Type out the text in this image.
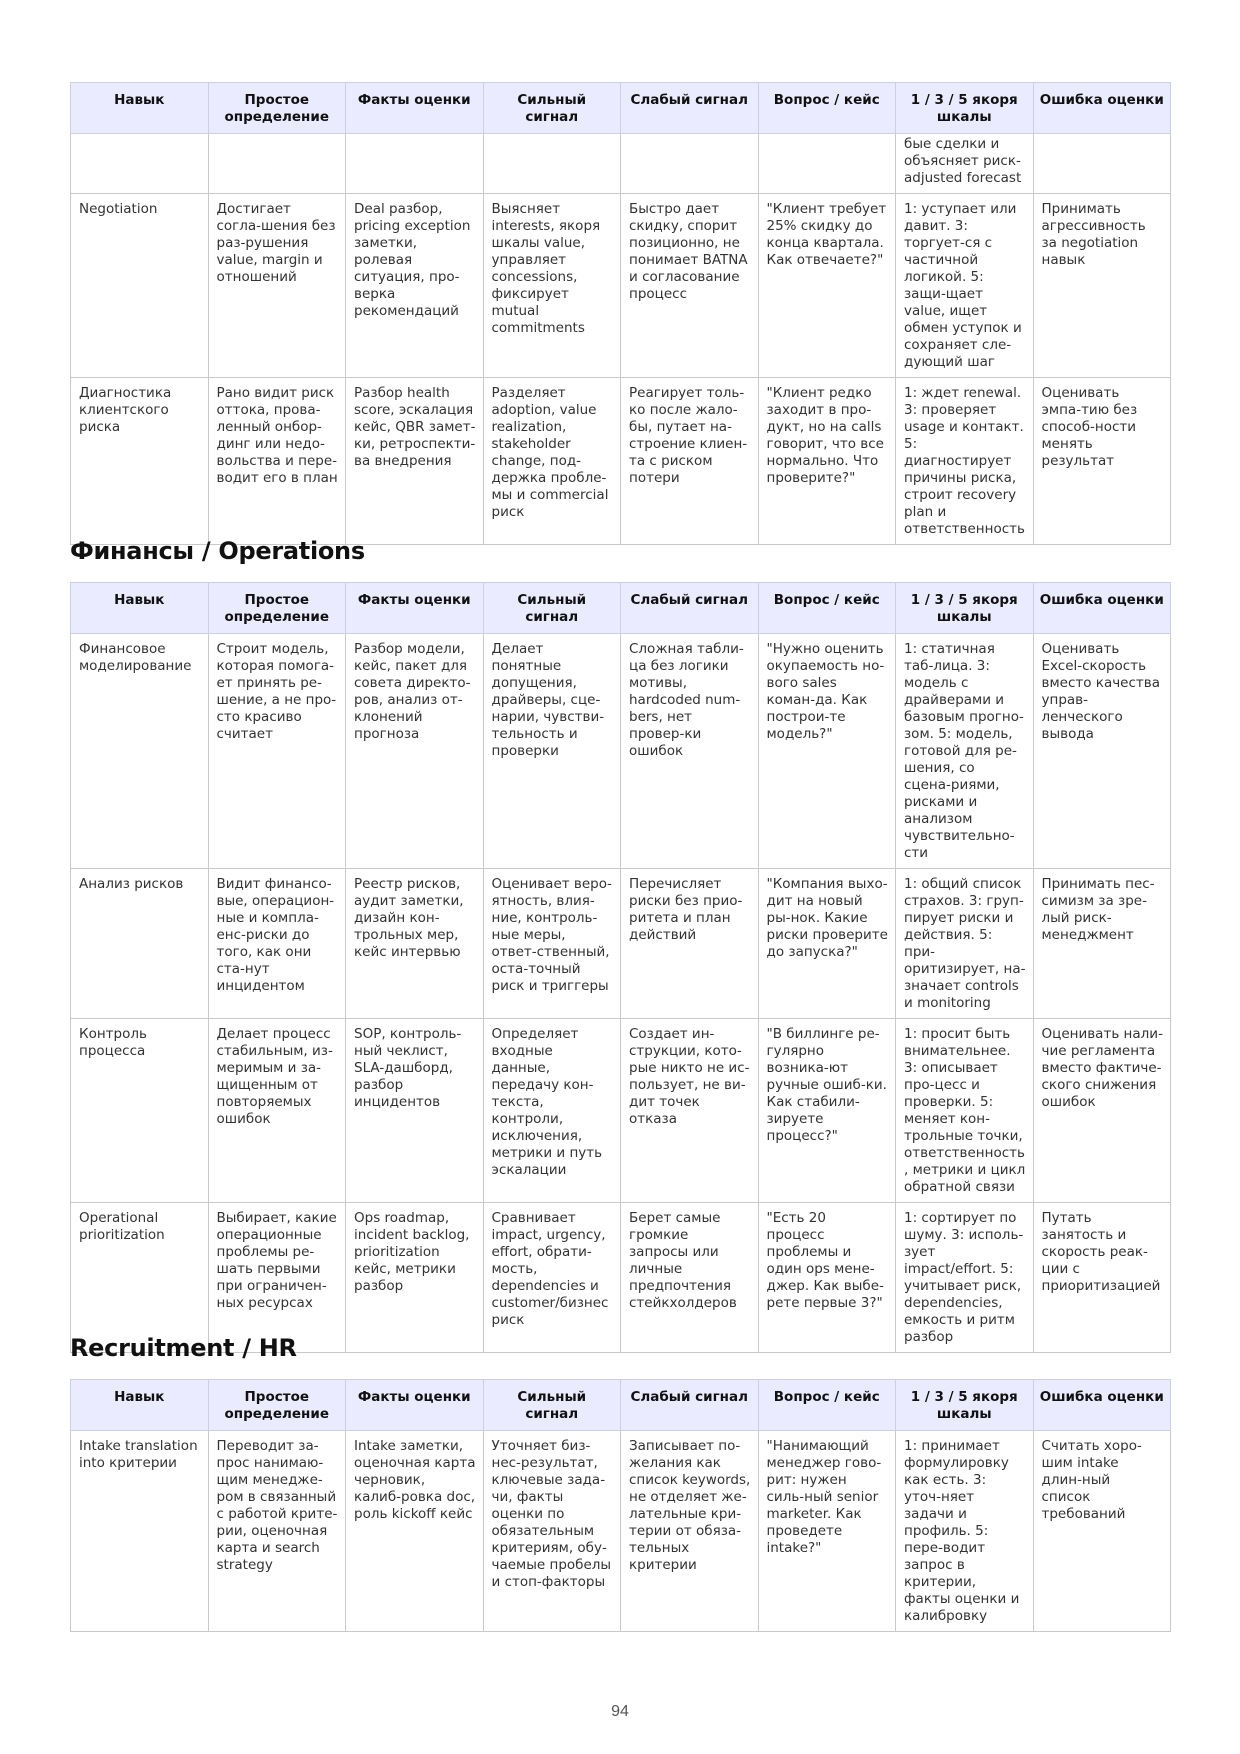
Навык	Простое определение	Факты оценки	Сильный сигнал	Слабый сигнал	Вопрос / кейс	1 / 3 / 5 якоря шкалы	Ошибка оценки
						бые сделки и объясняет риск-adjusted forecast	
Negotiation	Достигает согла-шения без раз-рушения value, margin и отношений	Deal разбор, pricing exception заметки, ролевая ситуация, про-верка рекомендаций	Выясняет interests, якоря шкалы value, управляет concessions, фиксирует mutual commitments	Быстро дает скидку, спорит позиционно, не понимает BATNA и согласование процесс	"Клиент требует 25% скидку до конца квартала. Как отвечаете?"	1: уступает или давит. 3: торгует-ся с частичной логикой. 5: защи-щает value, ищет обмен уступок и сохраняет сле-дующий шаг	Принимать агрессивность за negotiation навык
Диагностика клиентского риска	Рано видит риск оттока, прова-ленный онбор-динг или недо-вольства и пере-водит его в план	Разбор health score, эскалация кейс, QBR замет-ки, ретроспекти-ва внедрения	Разделяет adoption, value realization, stakeholder change, под-держка пробле-мы и commercial риск	Реагирует толь-ко после жало-бы, путает на-строение клиен-та с риском потери	"Клиент редко заходит в про-дукт, но на calls говорит, что все нормально. Что проверите?"	1: ждет renewal. 3: проверяет usage и контакт. 5: диагностирует причины риска, строит recovery plan и ответственность	Оценивать эмпа-тию без способ-ности менять результат
Финансы / Operations
Навык	Простое определение	Факты оценки	Сильный сигнал	Слабый сигнал	Вопрос / кейс	1 / 3 / 5 якоря шкалы	Ошибка оценки
Финансовое моделирование	Строит модель, которая помога-ет принять ре-шение, а не про-сто красиво считает	Разбор модели, кейс, пакет для совета директо-ров, анализ от-клонений прогноза	Делает понятные допущения, драйверы, сце-нарии, чувстви-тельность и проверки	Сложная табли-ца без логики мотивы, hardcoded num-bers, нет провер-ки ошибок	"Нужно оценить окупаемость но-вого sales коман-да. Как построи-те модель?"	1: статичная таб-лица. 3: модель с драйверами и базовым прогно-зом. 5: модель, готовой для ре-шения, со сцена-риями, рисками и анализом чувствительно-сти	Оценивать Excel-скорость вместо качества управ-ленческого вывода
Анализ рисков	Видит финансо-вые, операцион-ные и компла-енс-риски до того, как они ста-нут инцидентом	Реестр рисков, аудит заметки, дизайн кон-трольных мер, кейс интервью	Оценивает веро-ятность, влия-ние, контроль-ные меры, ответ-ственный, оста-точный риск и триггеры	Перечисляет риски без прио-ритета и план действий	"Компания выхо-дит на новый ры-нок. Какие риски проверите до запуска?"	1: общий список страхов. 3: груп-пирует риски и действия. 5: при-оритизирует, на-значает controls и monitoring	Принимать пес-симизм за зре-лый риск-менеджмент
Контроль процесса	Делает процесс стабильным, из-меримым и за-щищенным от повторяемых ошибок	SOP, контроль-ный чеклист, SLA-дашборд, разбор инцидентов	Определяет входные данные, передачу кон-текста, контроли, исключения, метрики и путь эскалации	Создает ин-струкции, кото-рые никто не ис-пользует, не ви-дит точек отказа	"В биллинге ре-гулярно возника-ют ручные ошиб-ки. Как стабили-зируете процесс?"	1: просит быть внимательнее. 3: описывает про-цесс и проверки. 5: меняет кон-трольные точки, ответственность, метрики и цикл обратной связи	Оценивать нали-чие регламента вместо фактиче-ского снижения ошибок
Operational prioritization	Выбирает, какие операционные проблемы ре-шать первыми при ограничен-ных ресурсах	Ops roadmap, incident backlog, prioritization кейс, метрики разбор	Сравнивает impact, urgency, effort, обрати-мость, dependencies и customer/бизнес риск	Берет самые громкие запросы или личные предпочтения стейкхолдеров	"Есть 20 процесс проблемы и один ops мене-джер. Как выбе-рете первые 3?"	1: сортирует по шуму. 3: исполь-зует impact/effort. 5: учитывает риск, dependencies, емкость и ритм разбор	Путать занятость и скорость реак-ции с приоритизацией
Recruitment / HR
Навык	Простое определение	Факты оценки	Сильный сигнал	Слабый сигнал	Вопрос / кейс	1 / 3 / 5 якоря шкалы	Ошибка оценки
Intake translation into критерии	Переводит за-прос нанимаю-щим менедже-ром в связанный с работой крите-рии, оценочная карта и search strategy	Intake заметки, оценочная карта черновик, калиб-ровка doc, роль kickoff кейс	Уточняет биз-нес-результат, ключевые зада-чи, факты оценки по обязательным критериям, обу-чаемые пробелы и стоп-факторы	Записывает по-желания как список keywords, не отделяет же-лательные кри-терии от обяза-тельных критерии	"Нанимающий менеджер гово-рит: нужен силь-ный senior marketer. Как проведете intake?"	1: принимает формулировку как есть. 3: уточ-няет задачи и профиль. 5: пере-водит запрос в критерии, факты оценки и калибровку	Считать хоро-шим intake длин-ный список требований
94
